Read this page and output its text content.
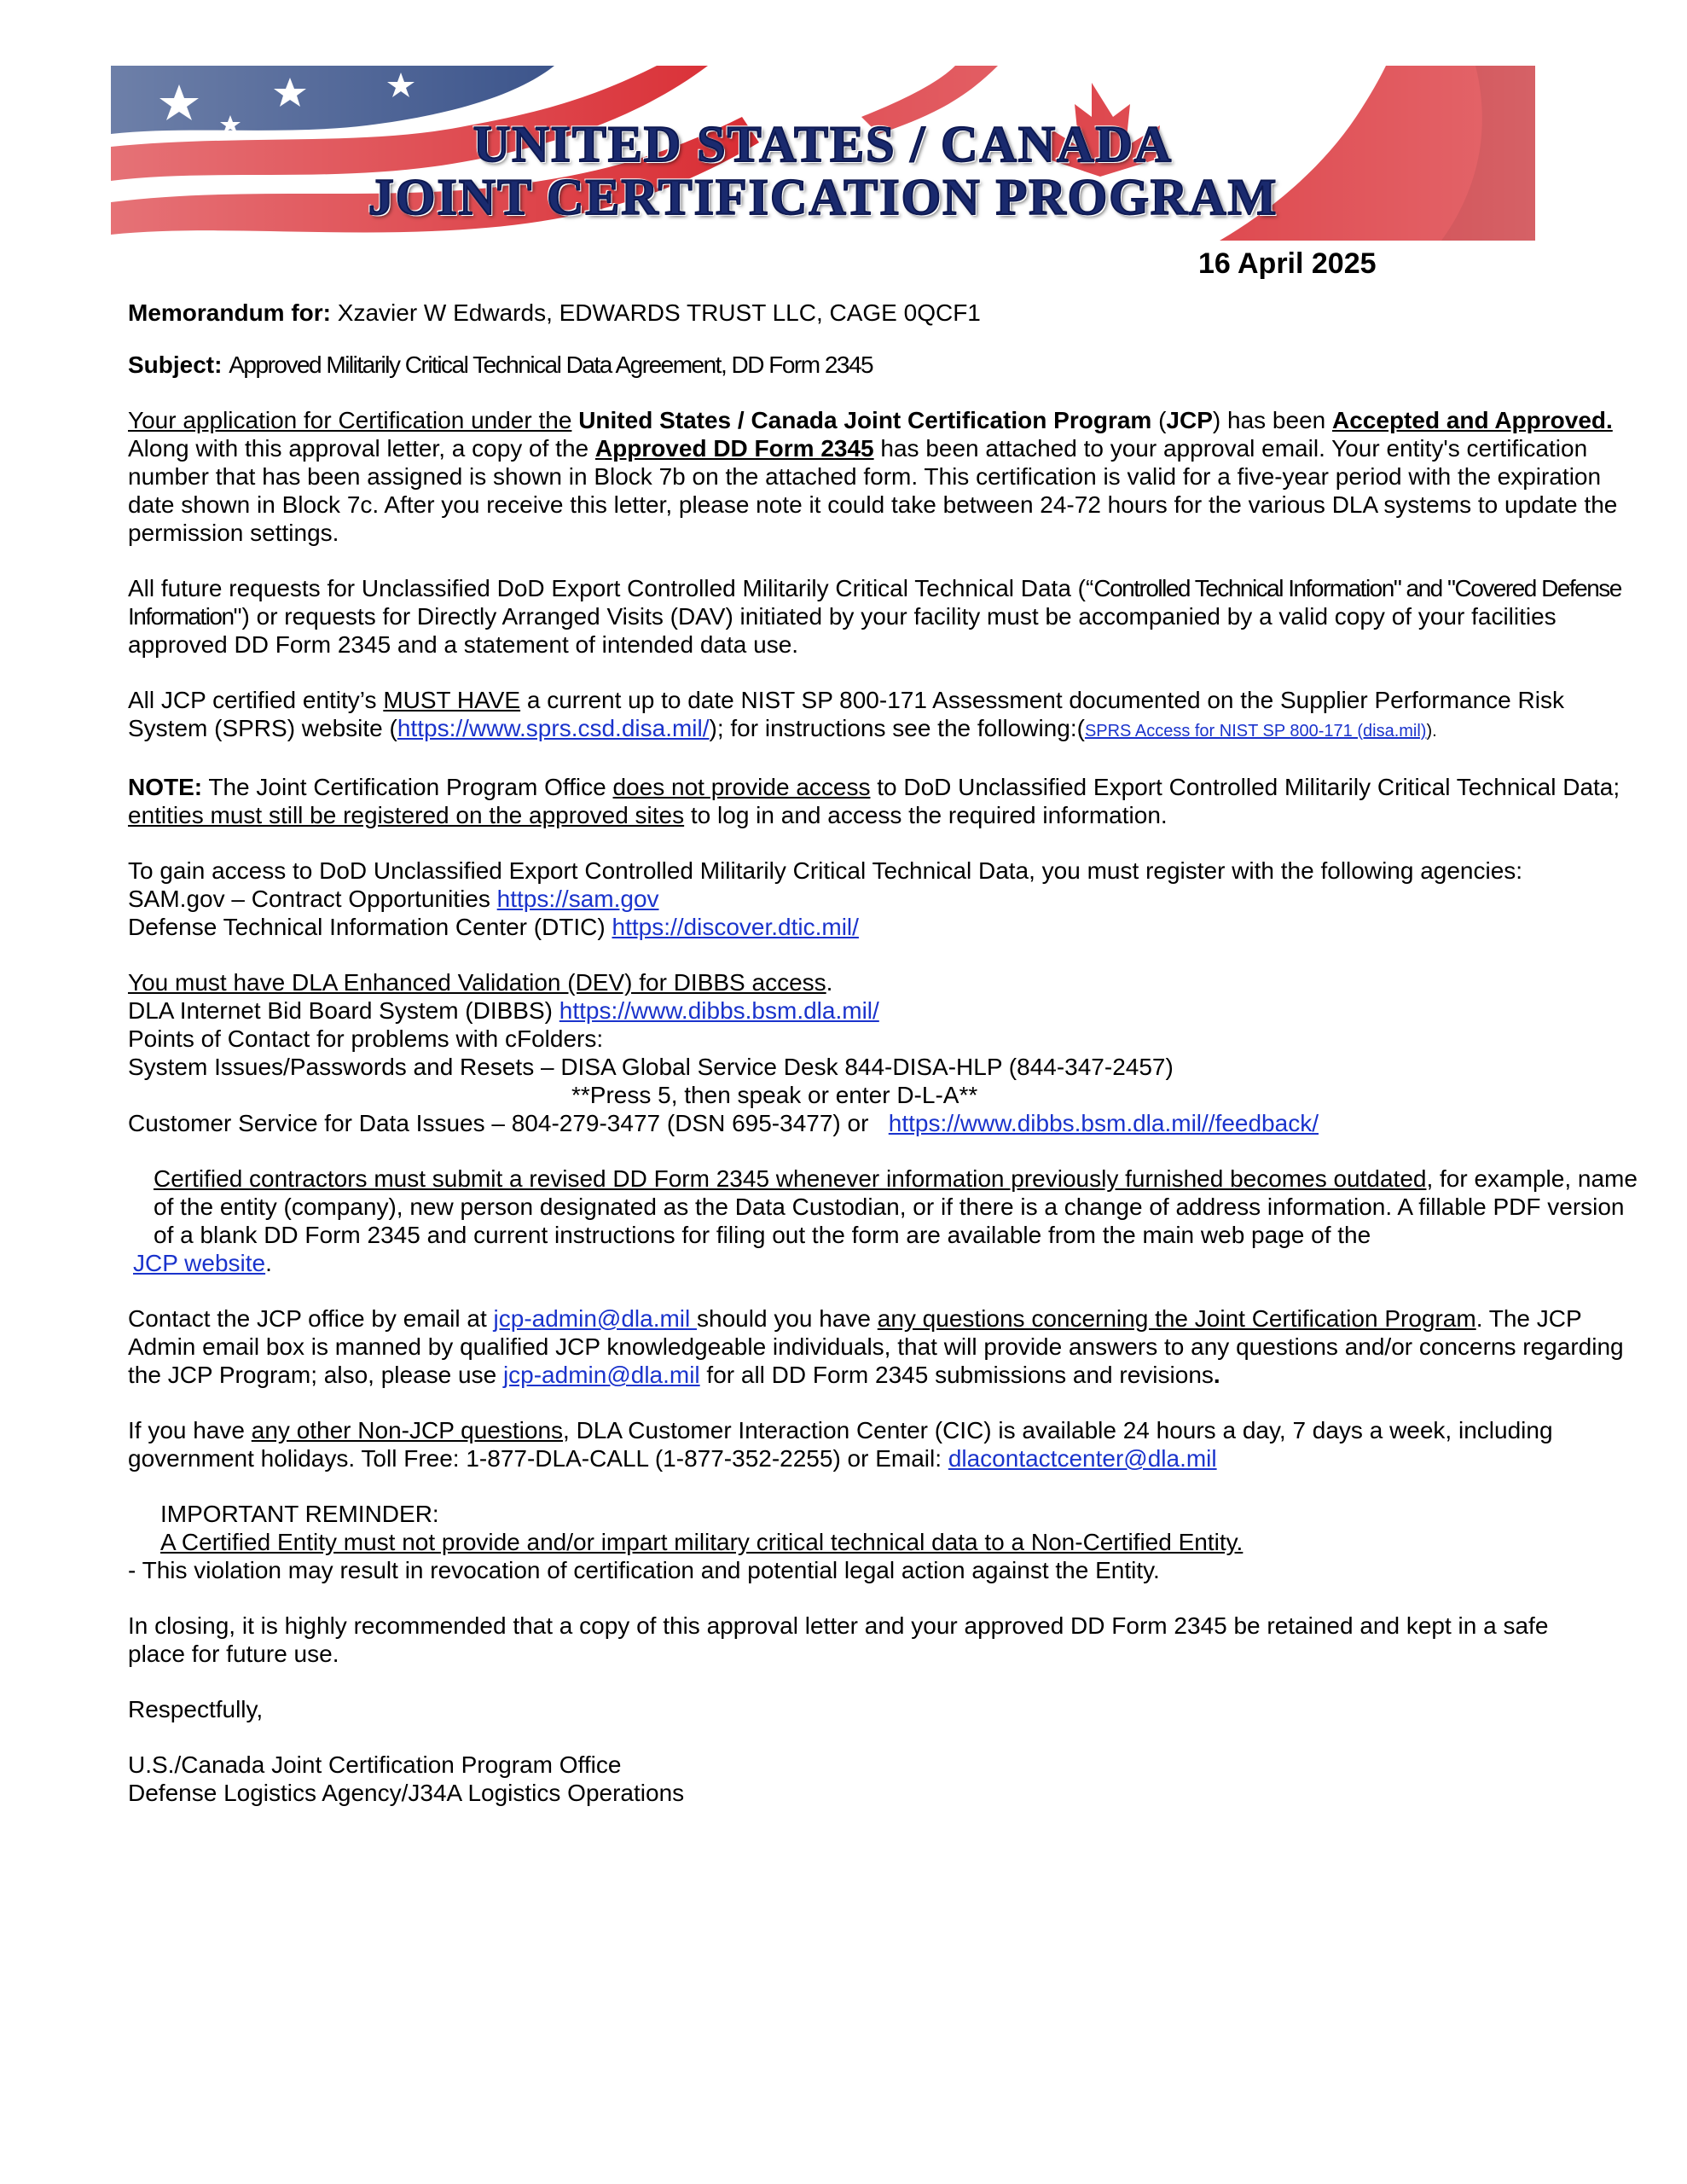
UNITED STATES / CANADA
JOINT CERTIFICATION PROGRAM
16 April 2025

Memorandum for: Xzavier W Edwards, EDWARDS TRUST LLC, CAGE 0QCF1

Subject: Approved Militarily Critical Technical Data Agreement, DD Form 2345

Your application for Certification under the United States / Canada Joint Certification Program (JCP) has been Accepted and Approved. Along with this approval letter, a copy of the Approved DD Form 2345 has been attached to your approval email. Your entity's certification number that has been assigned is shown in Block 7b on the attached form. This certification is valid for a five-year period with the expiration date shown in Block 7c. After you receive this letter, please note it could take between 24-72 hours for the various DLA systems to update the permission settings.

All future requests for Unclassified DoD Export Controlled Militarily Critical Technical Data (“Controlled Technical Information" and "Covered Defense Information") or requests for Directly Arranged Visits (DAV) initiated by your facility must be accompanied by a valid copy of your facilities approved DD Form 2345 and a statement of intended data use.

All JCP certified entity’s MUST HAVE a current up to date NIST SP 800-171 Assessment documented on the Supplier Performance Risk System (SPRS) website (https://www.sprs.csd.disa.mil/); for instructions see the following:(SPRS Access for NIST SP 800-171 (disa.mil)).

NOTE: The Joint Certification Program Office does not provide access to DoD Unclassified Export Controlled Militarily Critical Technical Data; entities must still be registered on the approved sites to log in and access the required information.

To gain access to DoD Unclassified Export Controlled Militarily Critical Technical Data, you must register with the following agencies:
SAM.gov – Contract Opportunities https://sam.gov
Defense Technical Information Center (DTIC) https://discover.dtic.mil/

You must have DLA Enhanced Validation (DEV) for DIBBS access.
DLA Internet Bid Board System (DIBBS) https://www.dibbs.bsm.dla.mil/
Points of Contact for problems with cFolders:
System Issues/Passwords and Resets – DISA Global Service Desk 844-DISA-HLP (844-347-2457)
**Press 5, then speak or enter D-L-A**
Customer Service for Data Issues – 804-279-3477 (DSN 695-3477) or   https://www.dibbs.bsm.dla.mil//feedback/

Certified contractors must submit a revised DD Form 2345 whenever information previously furnished becomes outdated, for example, name of the entity (company), new person designated as the Data Custodian, or if there is a change of address information. A fillable PDF version of a blank DD Form 2345 and current instructions for filing out the form are available from the main web page of the
JCP website.

Contact the JCP office by email at jcp-admin@dla.mil should you have any questions concerning the Joint Certification Program. The JCP Admin email box is manned by qualified JCP knowledgeable individuals, that will provide answers to any questions and/or concerns regarding the JCP Program; also, please use jcp-admin@dla.mil for all DD Form 2345 submissions and revisions.

If you have any other Non-JCP questions, DLA Customer Interaction Center (CIC) is available 24 hours a day, 7 days a week, including government holidays. Toll Free: 1-877-DLA-CALL (1-877-352-2255) or Email: dlacontactcenter@dla.mil

IMPORTANT REMINDER:
A Certified Entity must not provide and/or impart military critical technical data to a Non-Certified Entity.
- This violation may result in revocation of certification and potential legal action against the Entity.

In closing, it is highly recommended that a copy of this approval letter and your approved DD Form 2345 be retained and kept in a safe place for future use.

Respectfully,

U.S./Canada Joint Certification Program Office
Defense Logistics Agency/J34A Logistics Operations
